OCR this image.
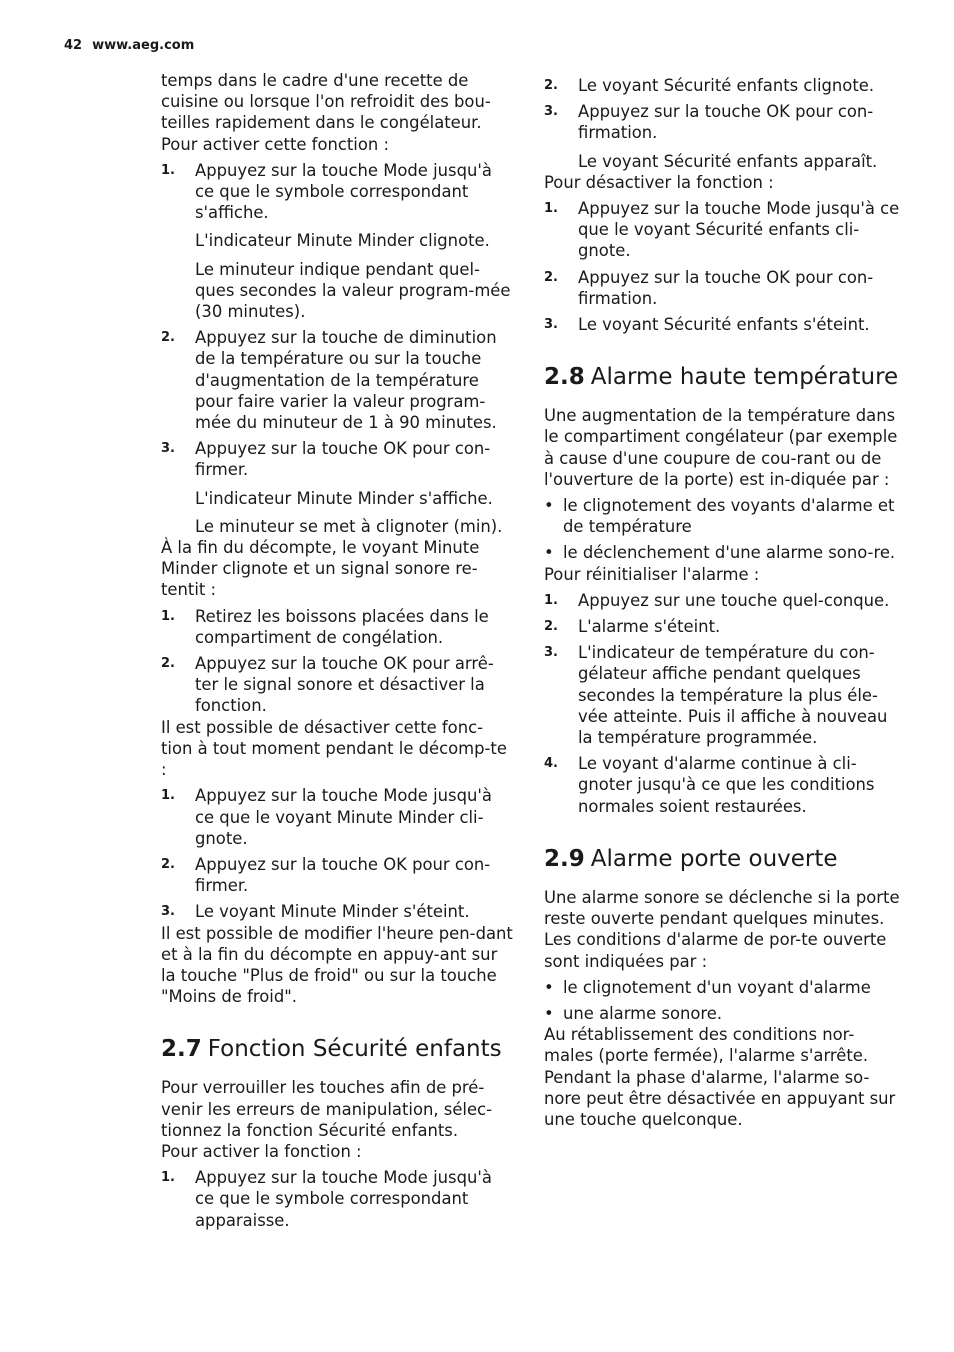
42 www.aeg.com
temps dans le cadre d'une recette de cuisine ou lorsque l'on refroidit des bou-teilles rapidement dans le congélateur.
Pour activer cette fonction :
1. Appuyez sur la touche Mode jusqu'à ce que le symbole correspondant s'affiche.
L'indicateur Minute Minder clignote.
Le minuteur indique pendant quel-ques secondes la valeur program-mée (30 minutes).
2. Appuyez sur la touche de diminution de la température ou sur la touche d'augmentation de la température pour faire varier la valeur program-mée du minuteur de 1 à 90 minutes.
3. Appuyez sur la touche OK pour con-firmer.
L'indicateur Minute Minder s'affiche.
Le minuteur se met à clignoter (min).
À la fin du décompte, le voyant Minute Minder clignote et un signal sonore re-tentit :
1. Retirez les boissons placées dans le compartiment de congélation.
2. Appuyez sur la touche OK pour arrê-ter le signal sonore et désactiver la fonction.
Il est possible de désactiver cette fonc-tion à tout moment pendant le décomp-te :
1. Appuyez sur la touche Mode jusqu'à ce que le voyant Minute Minder cli-gnote.
2. Appuyez sur la touche OK pour con-firmer.
3. Le voyant Minute Minder s'éteint.
Il est possible de modifier l'heure pen-dant et à la fin du décompte en appuy-ant sur la touche "Plus de froid" ou sur la touche "Moins de froid".
2.7 Fonction Sécurité enfants
Pour verrouiller les touches afin de pré-venir les erreurs de manipulation, sélec-tionnez la fonction Sécurité enfants.
Pour activer la fonction :
1. Appuyez sur la touche Mode jusqu'à ce que le symbole correspondant apparaisse.
2. Le voyant Sécurité enfants clignote.
3. Appuyez sur la touche OK pour con-firmation.
Le voyant Sécurité enfants apparaît.
Pour désactiver la fonction :
1. Appuyez sur la touche Mode jusqu'à ce que le voyant Sécurité enfants cli-gnote.
2. Appuyez sur la touche OK pour con-firmation.
3. Le voyant Sécurité enfants s'éteint.
2.8 Alarme haute température
Une augmentation de la température dans le compartiment congélateur (par exemple à cause d'une coupure de cou-rant ou de l'ouverture de la porte) est in-diquée par :
• le clignotement des voyants d'alarme et de température
• le déclenchement d'une alarme sono-re.
Pour réinitialiser l'alarme :
1. Appuyez sur une touche quel-conque.
2. L'alarme s'éteint.
3. L'indicateur de température du con-gélateur affiche pendant quelques secondes la température la plus éle-vée atteinte. Puis il affiche à nouveau la température programmée.
4. Le voyant d'alarme continue à cli-gnoter jusqu'à ce que les conditions normales soient restaurées.
2.9 Alarme porte ouverte
Une alarme sonore se déclenche si la porte reste ouverte pendant quelques minutes. Les conditions d'alarme de por-te ouverte sont indiquées par :
• le clignotement d'un voyant d'alarme
• une alarme sonore.
Au rétablissement des conditions nor-males (porte fermée), l'alarme s'arrête.
Pendant la phase d'alarme, l'alarme so-nore peut être désactivée en appuyant sur une touche quelconque.
